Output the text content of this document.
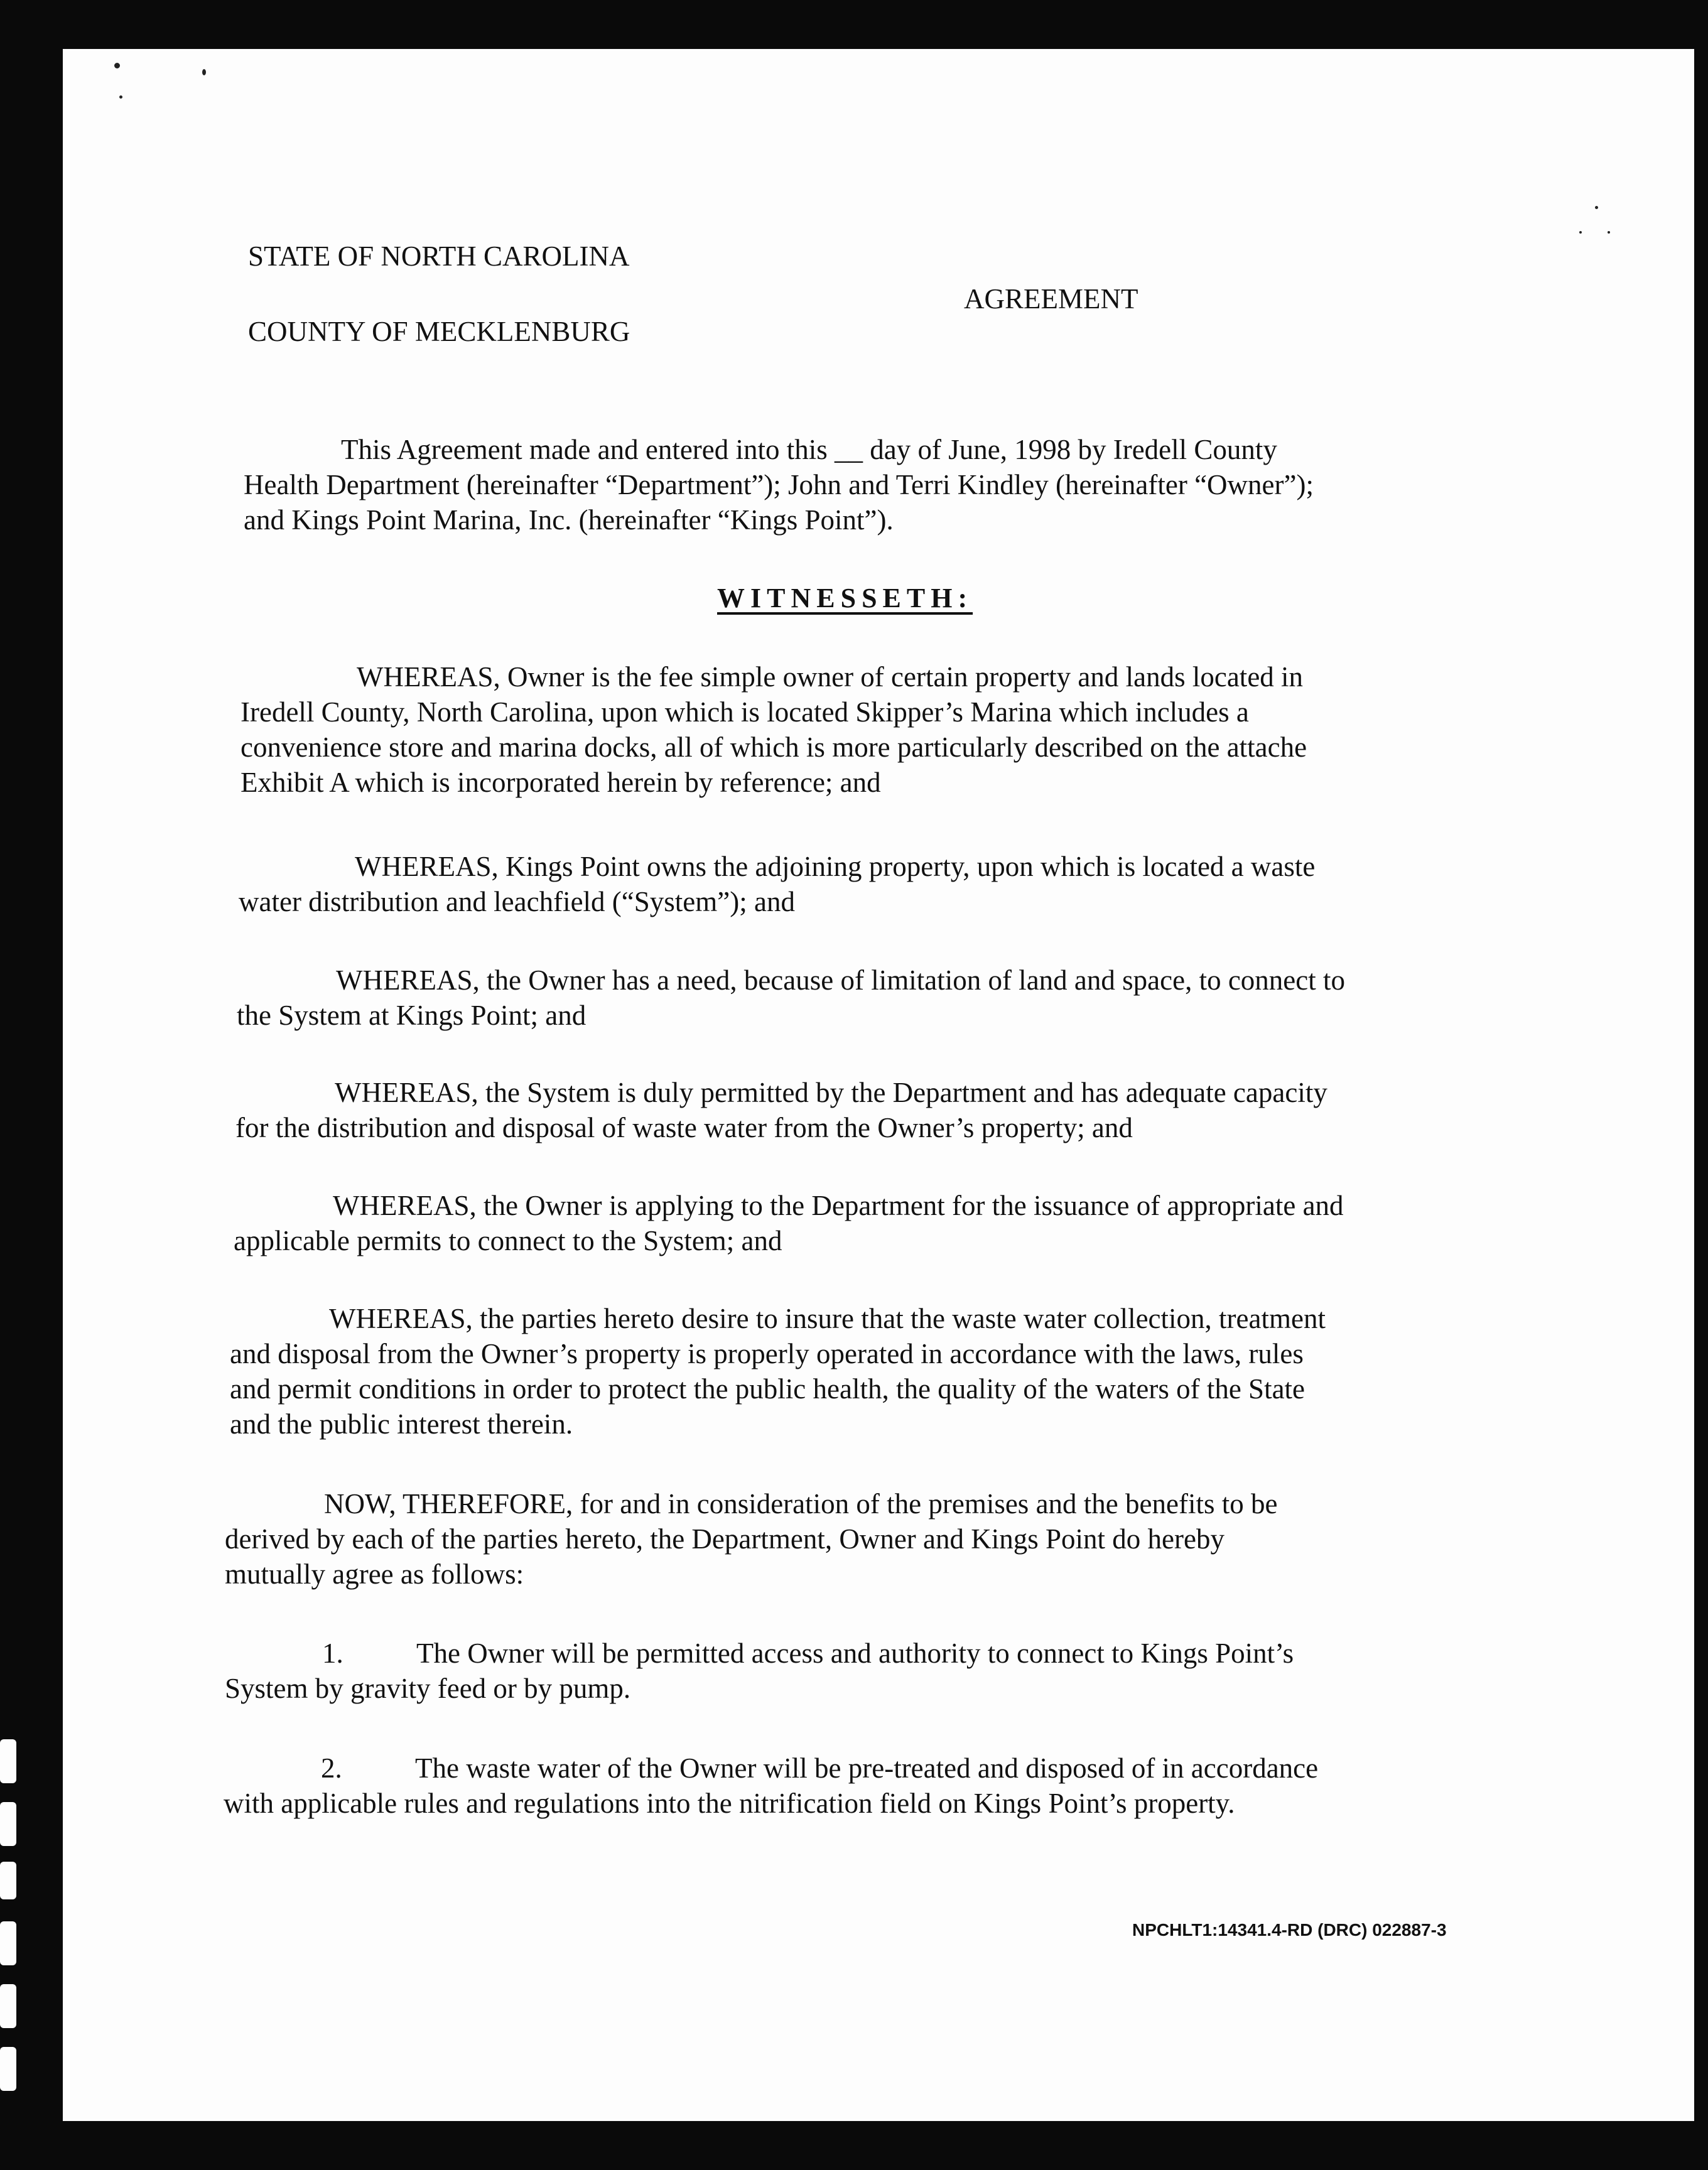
STATE OF NORTH CAROLINA
AGREEMENT
COUNTY OF MECKLENBURG
This Agreement made and entered into this __ day of June, 1998 by Iredell County
Health Department (hereinafter “Department”); John and Terri Kindley (hereinafter “Owner”);
and Kings Point Marina, Inc. (hereinafter “Kings Point”).
WITNESSETH:
WHEREAS, Owner is the fee simple owner of certain property and lands located in
Iredell County, North Carolina, upon which is located Skipper’s Marina which includes a
convenience store and marina docks, all of which is more particularly described on the attache
Exhibit A which is incorporated herein by reference; and
WHEREAS, Kings Point owns the adjoining property, upon which is located a waste
water distribution and leachfield (“System”); and
WHEREAS, the Owner has a need, because of limitation of land and space, to connect to
the System at Kings Point; and
WHEREAS, the System is duly permitted by the Department and has adequate capacity
for the distribution and disposal of waste water from the Owner’s property; and
WHEREAS, the Owner is applying to the Department for the issuance of appropriate and
applicable permits to connect to the System; and
WHEREAS, the parties hereto desire to insure that the waste water collection, treatment
and disposal from the Owner’s property is properly operated in accordance with the laws, rules
and permit conditions in order to protect the public health, the quality of the waters of the State
and the public interest therein.
NOW, THEREFORE, for and in consideration of the premises and the benefits to be
derived by each of the parties hereto, the Department, Owner and Kings Point do hereby
mutually agree as follows:
1.	The Owner will be permitted access and authority to connect to Kings Point’s
System by gravity feed or by pump.
2.	The waste water of the Owner will be pre-treated and disposed of in accordance
with applicable rules and regulations into the nitrification field on Kings Point’s property.
NPCHLT1:14341.4-RD (DRC) 022887-3
